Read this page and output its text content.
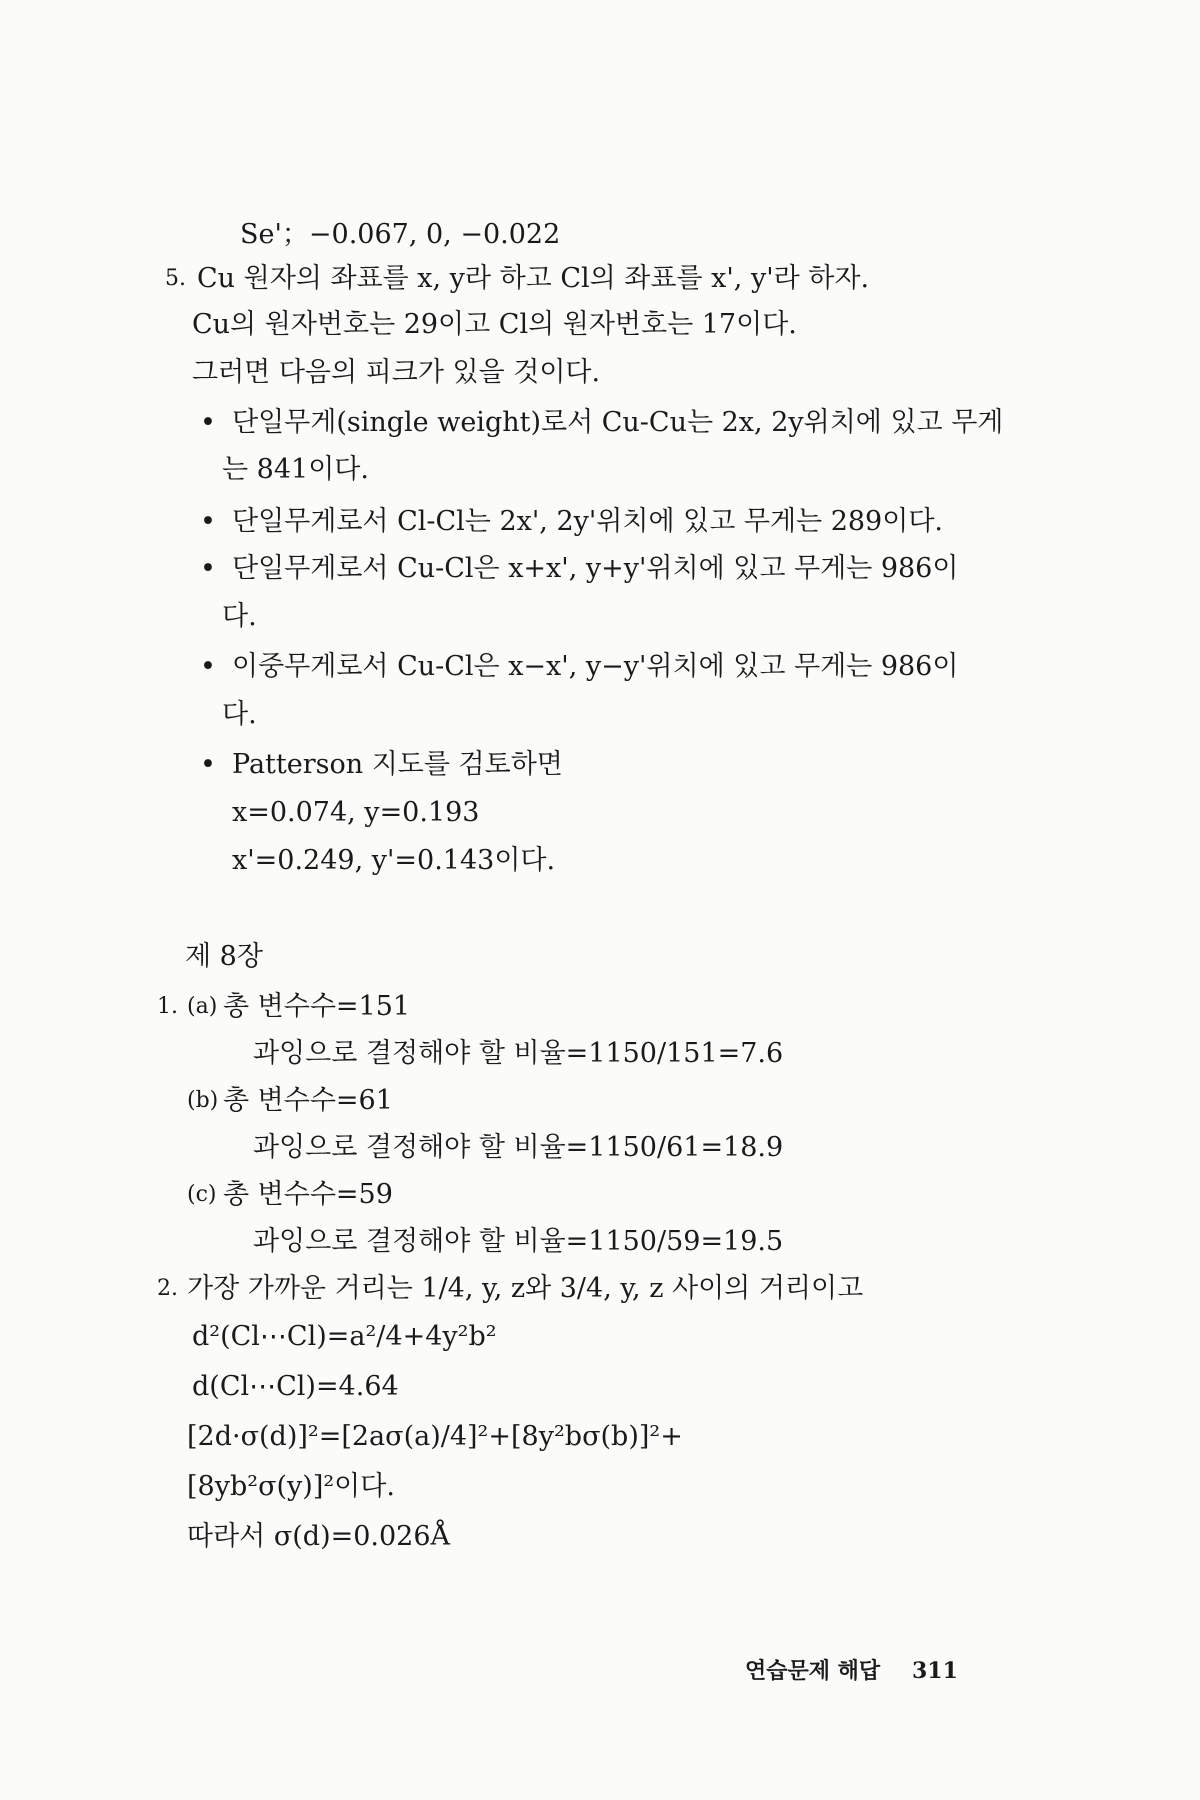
Se'；−0.067, 0, −0.022
5. Cu 원자의 좌표를 x, y라 하고 Cl의 좌표를 x', y'라 하자.
Cu의 원자번호는 29이고 Cl의 원자번호는 17이다.
그러면 다음의 피크가 있을 것이다.
• 단일무게(single weight)로서 Cu-Cu는 2x, 2y위치에 있고 무게
는 841이다.
• 단일무게로서 Cl-Cl는 2x', 2y'위치에 있고 무게는 289이다.
• 단일무게로서 Cu-Cl은 x+x', y+y'위치에 있고 무게는 986이
다.
• 이중무게로서 Cu-Cl은 x−x', y−y'위치에 있고 무게는 986이
다.
• Patterson 지도를 검토하면
x=0.074, y=0.193
x'=0.249, y'=0.143이다.
제 8장
1. (a) 총 변수수=151
과잉으로 결정해야 할 비율=1150/151=7.6
(b) 총 변수수=61
과잉으로 결정해야 할 비율=1150/61=18.9
(c) 총 변수수=59
과잉으로 결정해야 할 비율=1150/59=19.5
2. 가장 가까운 거리는 1/4, y, z와 3/4, y, z 사이의 거리이고
d²(Cl⋯Cl)=a²/4+4y²b²
d(Cl⋯Cl)=4.64
[2d·σ(d)]²=[2aσ(a)/4]²+[8y²bσ(b)]²+
[8yb²σ(y)]²이다.
따라서 σ(d)=0.026Å
연습문제 해답 311
